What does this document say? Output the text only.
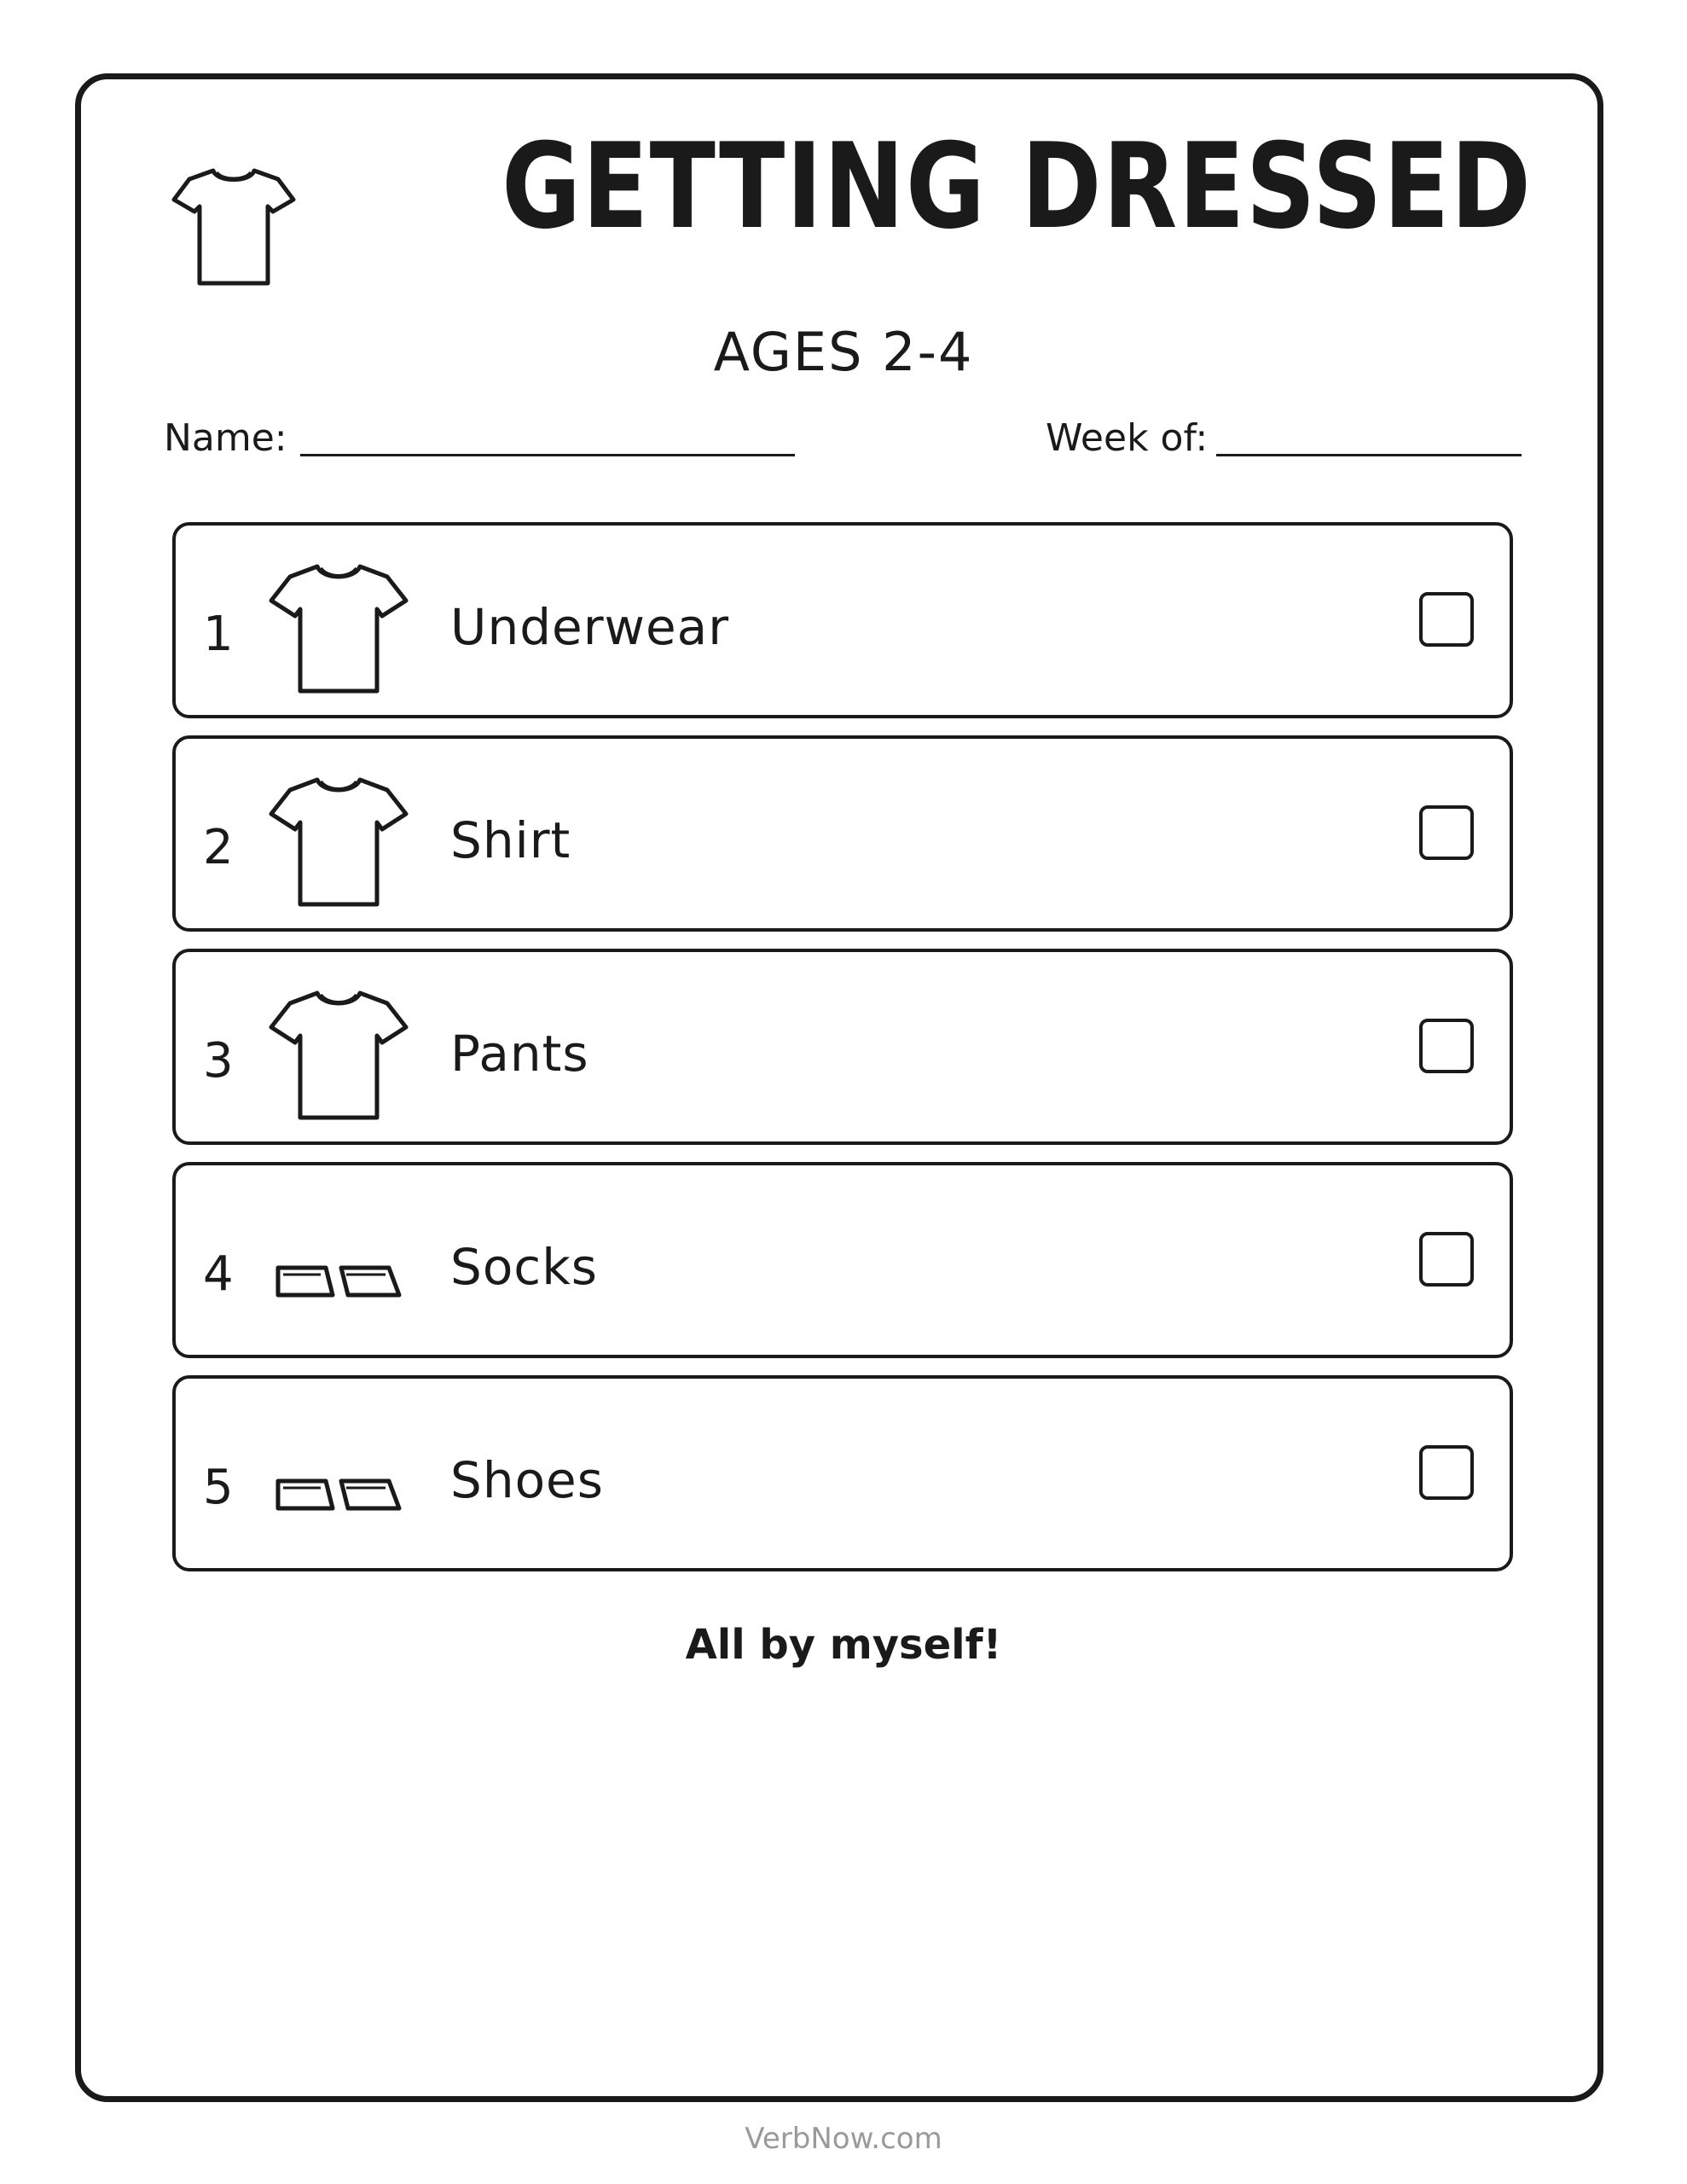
GETTING DRESSED
AGES 2-4
Name:	Week of:
1	Underwear
2	Shirt
3	Pants
4	Socks
5	Shoes
All by myself!
VerbNow.com
